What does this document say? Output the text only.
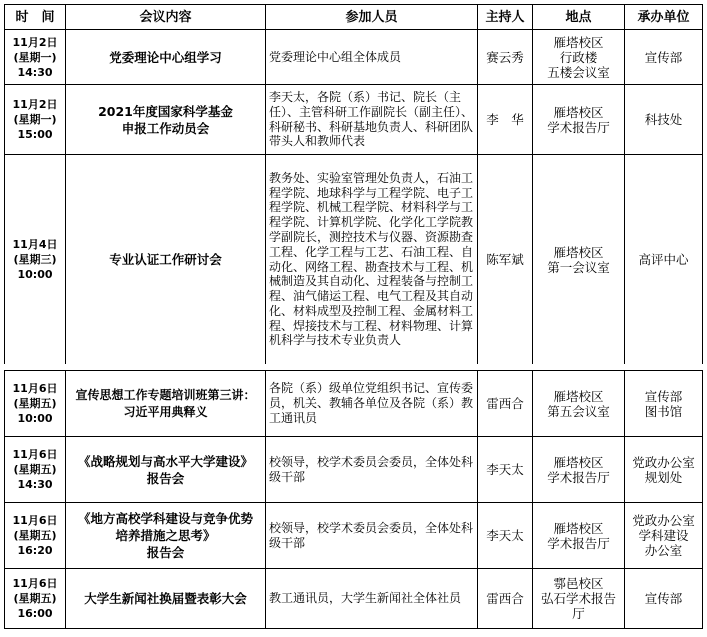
时　间	会议内容	参加人员	主持人	地点	承办单位

11月2日
(星期一)
14:30	党委理论中心组学习	党委理论中心组全体成员	赛云秀	雁塔校区
行政楼
五楼会议室	宣传部

11月2日
(星期一)
15:00	2021年度国家科学基金
申报工作动员会	李天太，各院（系）书记、院长（主任）、主管科研工作副院长（副主任）、科研秘书、科研基地负责人、科研团队带头人和教师代表	李　华	雁塔校区
学术报告厅	科技处

11月4日
(星期三)
10:00	专业认证工作研讨会	教务处、实验室管理处负责人，石油工程学院、地球科学与工程学院、电子工程学院、机械工程学院、材料科学与工程学院、计算机学院、化学化工学院教学副院长，测控技术与仪器、资源勘查工程、化学工程与工艺、石油工程、自动化、网络工程、勘查技术与工程、机械制造及其自动化、过程装备与控制工程、油气储运工程、电气工程及其自动化、材料成型及控制工程、金属材料工程、焊接技术与工程、材料物理、计算机科学与技术专业负责人	陈军斌	雁塔校区
第一会议室	高评中心
11月6日
(星期五)
10:00	宣传思想工作专题培训班第三讲：
习近平用典释义	各院（系）级单位党组织书记、宣传委员，机关、教辅各单位及各院（系）教工通讯员	雷西合	雁塔校区
第五会议室	宣传部
图书馆

11月6日
(星期五)
14:30	《战略规划与高水平大学建设》
报告会	校领导，校学术委员会委员，全体处科级干部	李天太	雁塔校区
学术报告厅	党政办公室
规划处

11月6日
(星期五)
16:20	《地方高校学科建设与竞争优势
培养措施之思考》
报告会	校领导，校学术委员会委员，全体处科级干部	李天太	雁塔校区
学术报告厅	党政办公室
学科建设
办公室

11月6日
(星期五)
16:00	大学生新闻社换届暨表彰大会	教工通讯员，大学生新闻社全体社员	雷西合	鄠邑校区
弘石学术报告
厅	宣传部
